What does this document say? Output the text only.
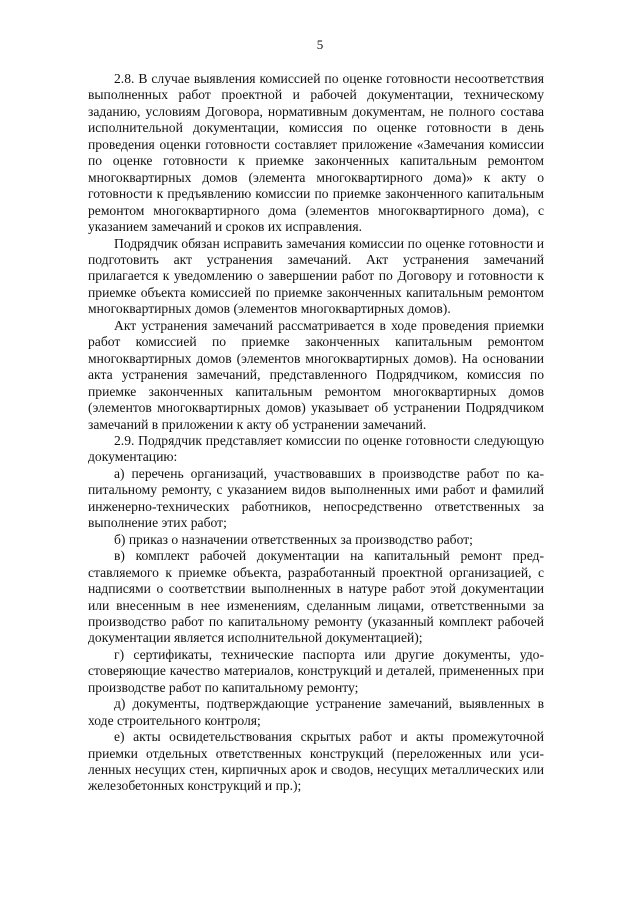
5

2.8. В случае выявления комиссией по оценке готовности несоответствия выполненных работ проектной и рабочей документации, техническому заданию, условиям Договора, нормативным документам, не полного состава исполнительной документации, комиссия по оценке готовности в день проведения оценки готовности составляет приложение «Замечания комиссии по оценке готовности к приемке законченных капитальным ремонтом многоквартирных домов (элемента многоквартирного дома)» к акту о готовности к предъявлению комиссии по приемке законченного капитальным ремонтом многоквартирного дома (элементов многоквартирного дома), с указанием замечаний и сроков их исправления.

Подрядчик обязан исправить замечания комиссии по оценке готовности и подготовить акт устранения замечаний. Акт устранения замечаний прилагается к уведомлению о завершении работ по Договору и готовности к приемке объекта комиссией по приемке законченных капитальным ремонтом многоквартирных домов (элементов многоквартирных домов).

Акт устранения замечаний рассматривается в ходе проведения приемки работ комиссией по приемке законченных капитальным ремонтом многоквартирных домов (элементов многоквартирных домов). На основании акта устранения замечаний, представленного Подрядчиком, комиссия по приемке законченных капитальным ремонтом многоквартирных домов (элементов многоквартирных домов) указывает об устранении Подрядчиком замечаний в приложении к акту об устранении замечаний.

2.9. Подрядчик представляет комиссии по оценке готовности следующую документацию:

а) перечень организаций, участвовавших в производстве работ по капитальному ремонту, с указанием видов выполненных ими работ и фамилий инженерно-технических работников, непосредственно ответственных за выполнение этих работ;

б) приказ о назначении ответственных за производство работ;

в) комплект рабочей документации на капитальный ремонт представляемого к приемке объекта, разработанный проектной организацией, с надписями о соответствии выполненных в натуре работ этой документации или внесенным в нее изменениям, сделанным лицами, ответственными за производство работ по капитальному ремонту (указанный комплект рабочей документации является исполнительной документацией);

г) сертификаты, технические паспорта или другие документы, удостоверяющие качество материалов, конструкций и деталей, примененных при производстве работ по капитальному ремонту;

д) документы, подтверждающие устранение замечаний, выявленных в ходе строительного контроля;

е) акты освидетельствования скрытых работ и акты промежуточной приемки отдельных ответственных конструкций (переложенных или усиленных несущих стен, кирпичных арок и сводов, несущих металлических или железобетонных конструкций и пр.);
